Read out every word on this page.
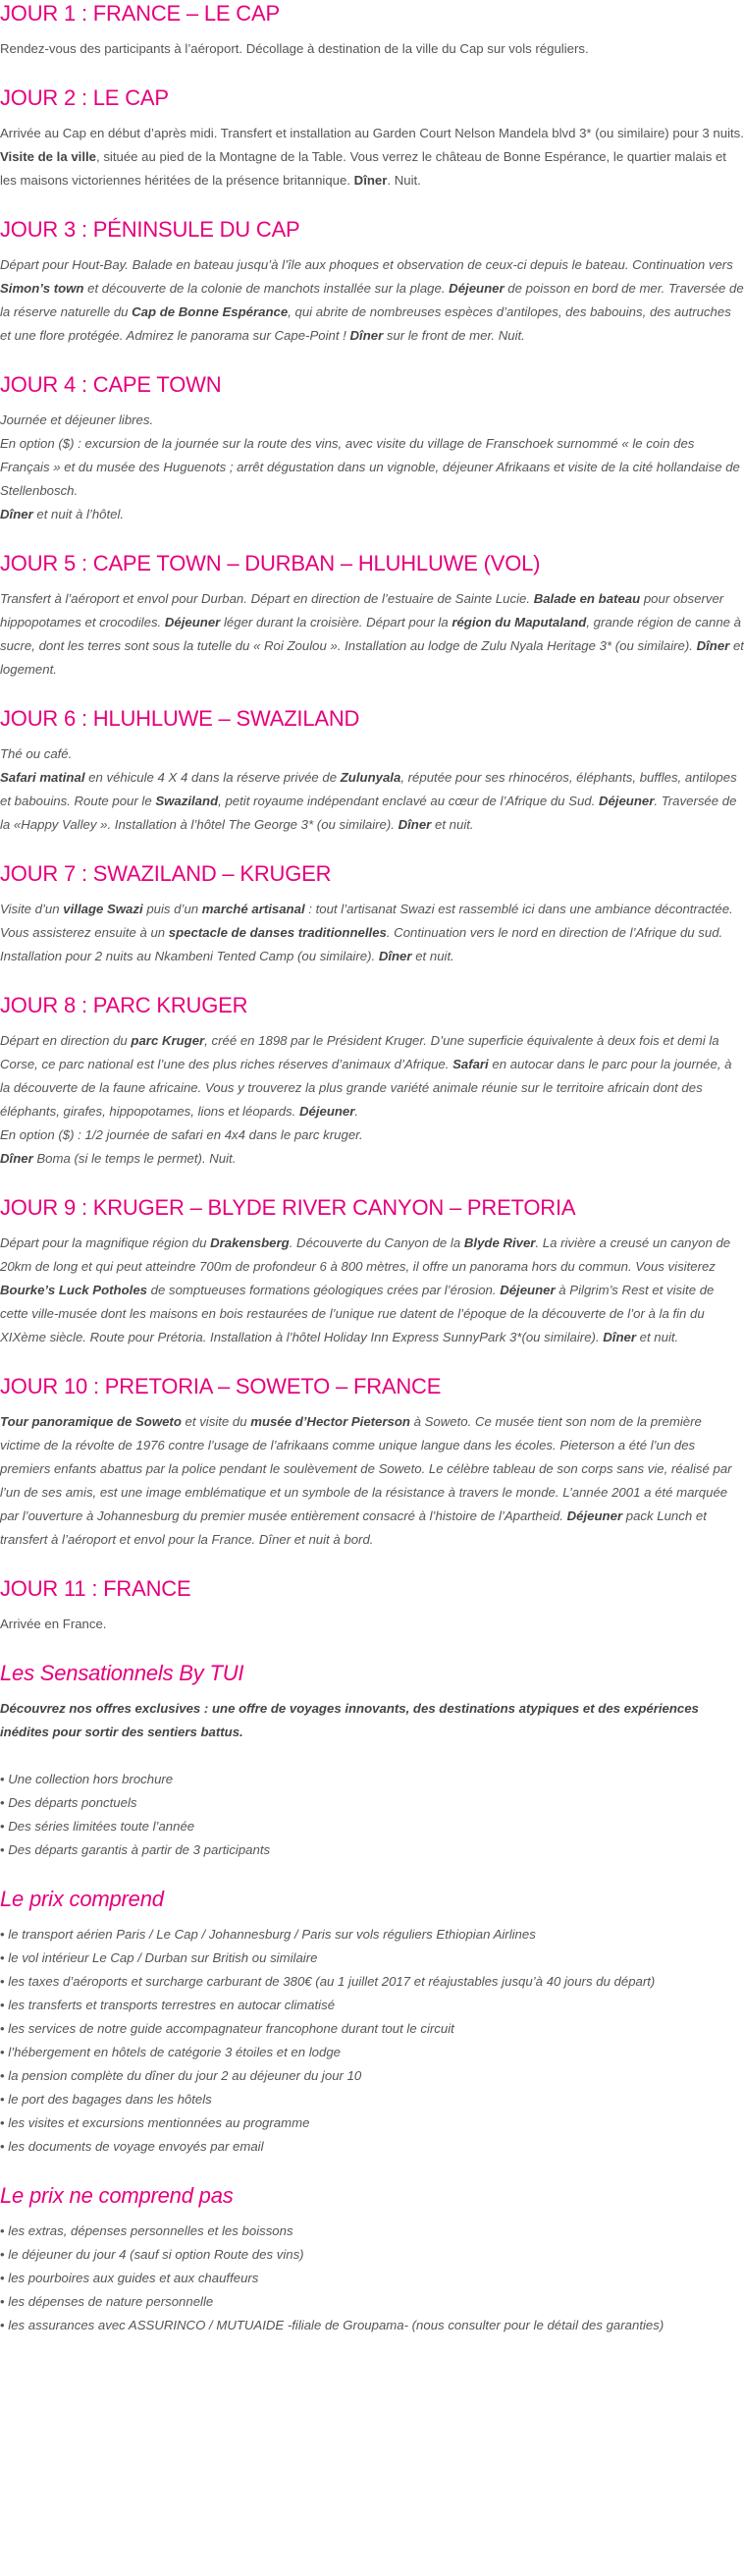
JOUR 1 : FRANCE – LE CAP

Rendez-vous des participants à l’aéroport. Décollage à destination de la ville du Cap sur vols réguliers.

JOUR 2 : LE CAP

Arrivée au Cap en début d’après midi. Transfert et installation au Garden Court Nelson Mandela blvd 3* (ou similaire) pour 3 nuits. Visite de la ville, située au pied de la Montagne de la Table. Vous verrez le château de Bonne Espérance, le quartier malais et les maisons victoriennes héritées de la présence britannique. Dîner. Nuit.

JOUR 3 : PÉNINSULE DU CAP

Départ pour Hout-Bay. Balade en bateau jusqu’à l’île aux phoques et observation de ceux-ci depuis le bateau. Continuation vers Simon’s town et découverte de la colonie de manchots installée sur la plage. Déjeuner de poisson en bord de mer. Traversée de la réserve naturelle du Cap de Bonne Espérance, qui abrite de nombreuses espèces d’antilopes, des babouins, des autruches et une flore protégée. Admirez le panorama sur Cape-Point ! Dîner sur le front de mer. Nuit.

JOUR 4 : CAPE TOWN

Journée et déjeuner libres.

En option ($) : excursion de la journée sur la route des vins, avec visite du village de Franschoek surnommé « le coin des Français » et du musée des Huguenots ; arrêt dégustation dans un vignoble, déjeuner Afrikaans et visite de la cité hollandaise de Stellenbosch.

Dîner et nuit à l’hôtel.

JOUR 5 : CAPE TOWN – DURBAN – HLUHLUWE (VOL)

Transfert à l’aéroport et envol pour Durban. Départ en direction de l’estuaire de Sainte Lucie. Balade en bateau pour observer hippopotames et crocodiles. Déjeuner léger durant la croisière. Départ pour la région du Maputaland, grande région de canne à sucre, dont les terres sont sous la tutelle du « Roi Zoulou ». Installation au lodge de Zulu Nyala Heritage 3* (ou similaire). Dîner et logement.

JOUR 6 : HLUHLUWE – SWAZILAND

Thé ou café.

Safari matinal en véhicule 4 X 4 dans la réserve privée de Zulunyala, réputée pour ses rhinocéros, éléphants, buffles, antilopes et babouins. Route pour le Swaziland, petit royaume indépendant enclavé au cœur de l’Afrique du Sud. Déjeuner. Traversée de la «Happy Valley ». Installation à l’hôtel The George 3* (ou similaire). Dîner et nuit.

JOUR 7 : SWAZILAND – KRUGER

Visite d’un village Swazi puis d’un marché artisanal : tout l’artisanat Swazi est rassemblé ici dans une ambiance décontractée. Vous assisterez ensuite à un spectacle de danses traditionnelles. Continuation vers le nord en direction de l’Afrique du sud. Installation pour 2 nuits au Nkambeni Tented Camp (ou similaire). Dîner et nuit.

JOUR 8 : PARC KRUGER

Départ en direction du parc Kruger, créé en 1898 par le Président Kruger. D’une superficie équivalente à deux fois et demi la Corse, ce parc national est l’une des plus riches réserves d’animaux d’Afrique. Safari en autocar dans le parc pour la journée, à la découverte de la faune africaine. Vous y trouverez la plus grande variété animale réunie sur le territoire africain dont des éléphants, girafes, hippopotames, lions et léopards. Déjeuner.

En option ($) : 1/2 journée de safari en 4x4 dans le parc kruger.

Dîner Boma (si le temps le permet). Nuit.

JOUR 9 : KRUGER – BLYDE RIVER CANYON – PRETORIA

Départ pour la magnifique région du Drakensberg. Découverte du Canyon de la Blyde River. La rivière a creusé un canyon de 20km de long et qui peut atteindre 700m de profondeur 6 à 800 mètres, il offre un panorama hors du commun. Vous visiterez Bourke’s Luck Potholes de somptueuses formations géologiques crées par l’érosion. Déjeuner à Pilgrim’s Rest et visite de cette ville-musée dont les maisons en bois restaurées de l’unique rue datent de l’époque de la découverte de l’or à la fin du XIXème siècle. Route pour Prétoria. Installation à l’hôtel Holiday Inn Express SunnyPark 3*(ou similaire). Dîner et nuit.

JOUR 10 : PRETORIA – SOWETO – FRANCE

Tour panoramique de Soweto et visite du musée d’Hector Pieterson à Soweto. Ce musée tient son nom de la première victime de la révolte de 1976 contre l’usage de l’afrikaans comme unique langue dans les écoles. Pieterson a été l’un des premiers enfants abattus par la police pendant le soulèvement de Soweto. Le célèbre tableau de son corps sans vie, réalisé par l’un de ses amis, est une image emblématique et un symbole de la résistance à travers le monde. L’année 2001 a été marquée par l’ouverture à Johannesburg du premier musée entièrement consacré à l’histoire de l’Apartheid. Déjeuner pack Lunch et transfert à l’aéroport et envol pour la France. Dîner et nuit à bord.

JOUR 11 : FRANCE

Arrivée en France.

Les Sensationnels By TUI

Découvrez nos offres exclusives : une offre de voyages innovants, des destinations atypiques et des expériences inédites pour sortir des sentiers battus.

• Une collection hors brochure
• Des départs ponctuels
• Des séries limitées toute l’année
• Des départs garantis à partir de 3 participants
Le prix comprend
• le transport aérien Paris / Le Cap / Johannesburg / Paris sur vols réguliers Ethiopian Airlines
• le vol intérieur Le Cap / Durban sur British ou similaire
• les taxes d’aéroports et surcharge carburant de 380€ (au 1 juillet 2017 et réajustables jusqu’à 40 jours du départ)
• les transferts et transports terrestres en autocar climatisé
• les services de notre guide accompagnateur francophone durant tout le circuit
• l’hébergement en hôtels de catégorie 3 étoiles et en lodge
• la pension complète du dîner du jour 2 au déjeuner du jour 10
• le port des bagages dans les hôtels
• les visites et excursions mentionnées au programme
• les documents de voyage envoyés par email
Le prix ne comprend pas
• les extras, dépenses personnelles et les boissons
• le déjeuner du jour 4 (sauf si option Route des vins)
• les pourboires aux guides et aux chauffeurs
• les dépenses de nature personnelle
• les assurances avec ASSURINCO / MUTUAIDE -filiale de Groupama- (nous consulter pour le détail des garanties)
